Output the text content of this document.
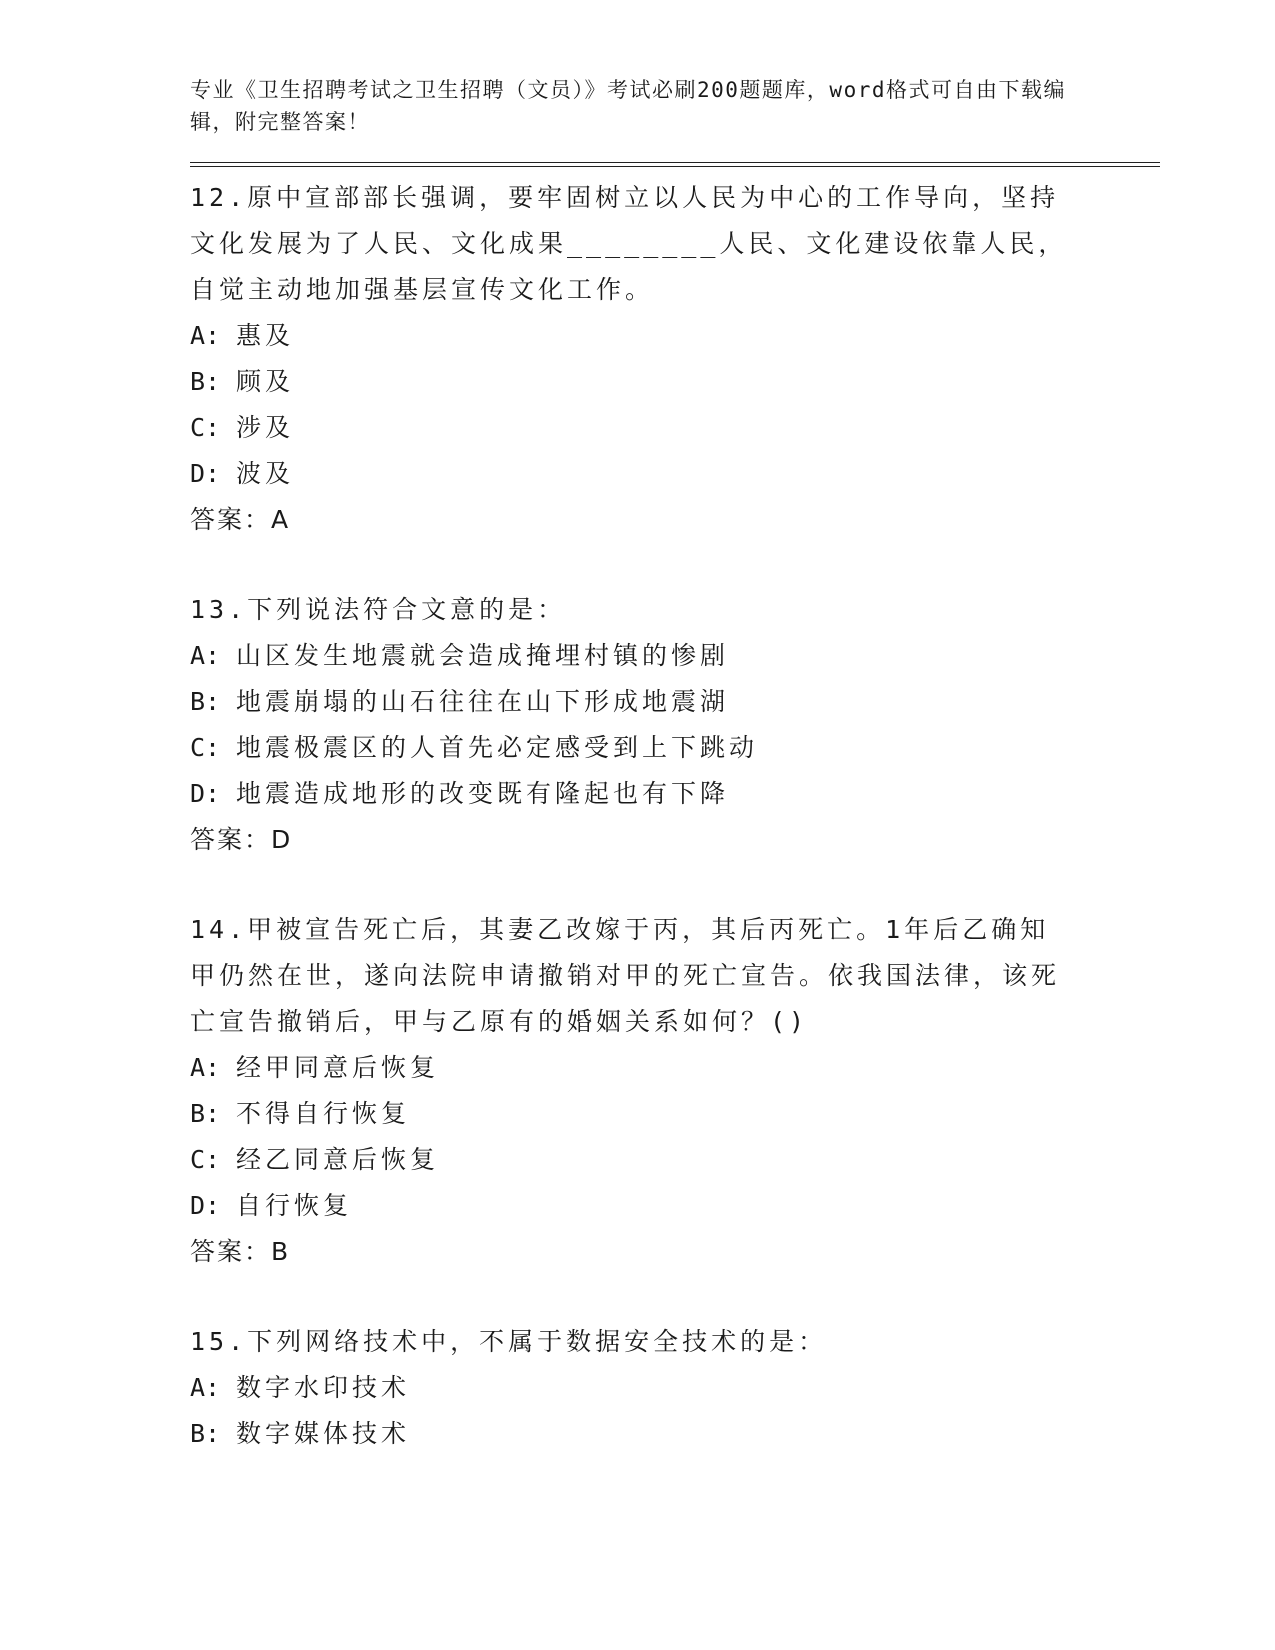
专业《卫生招聘考试之卫生招聘（文员）》考试必刷200题题库，word格式可自由下载编辑，附完整答案！
12.原中宣部部长强调，要牢固树立以人民为中心的工作导向，坚持文化发展为了人民、文化成果________人民、文化建设依靠人民，自觉主动地加强基层宣传文化工作。
A: 惠及
B: 顾及
C: 涉及
D: 波及
答案：A
13.下列说法符合文意的是：
A: 山区发生地震就会造成掩埋村镇的惨剧
B: 地震崩塌的山石往往在山下形成地震湖
C: 地震极震区的人首先必定感受到上下跳动
D: 地震造成地形的改变既有隆起也有下降
答案：D
14.甲被宣告死亡后，其妻乙改嫁于丙，其后丙死亡。1年后乙确知甲仍然在世，遂向法院申请撤销对甲的死亡宣告。依我国法律，该死亡宣告撤销后，甲与乙原有的婚姻关系如何？()
A: 经甲同意后恢复
B: 不得自行恢复
C: 经乙同意后恢复
D: 自行恢复
答案：B
15.下列网络技术中，不属于数据安全技术的是：
A: 数字水印技术
B: 数字媒体技术
